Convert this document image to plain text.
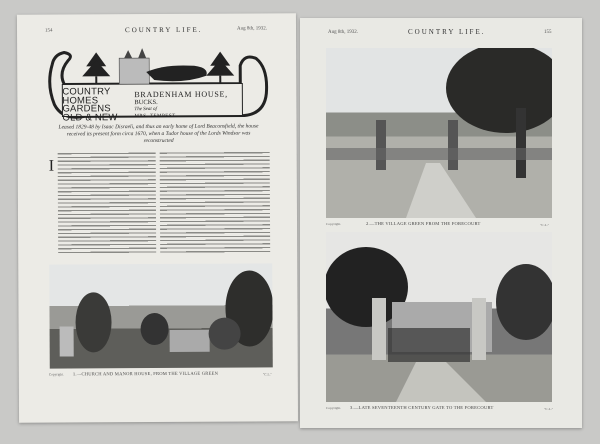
154	COUNTRY LIFE.	Aug 8th, 1932.
COUNTRY
HOMES
GARDENS
OLD & NEW
BRADENHAM HOUSE,
BUCKS.
The Seat of
MRS. TEMPEST.
Leased 1829-48 by Isaac Disraeli, and thus an early home of Lord Beaconsfield, the house received its present form circa 1670, when a Tudor house of the Lords Windsor was reconstructed
I
Copyright. 1.—CHURCH AND MANOR HOUSE, FROM THE VILLAGE GREEN	"C.L."
Aug 8th, 1932.	COUNTRY LIFE.	155
Copyright.	2.—THE VILLAGE GREEN FROM THE FORECOURT	"C.L."
Copyright. 3.—LATE SEVENTEENTH CENTURY GATE TO THE FORECOURT	"C.L."
